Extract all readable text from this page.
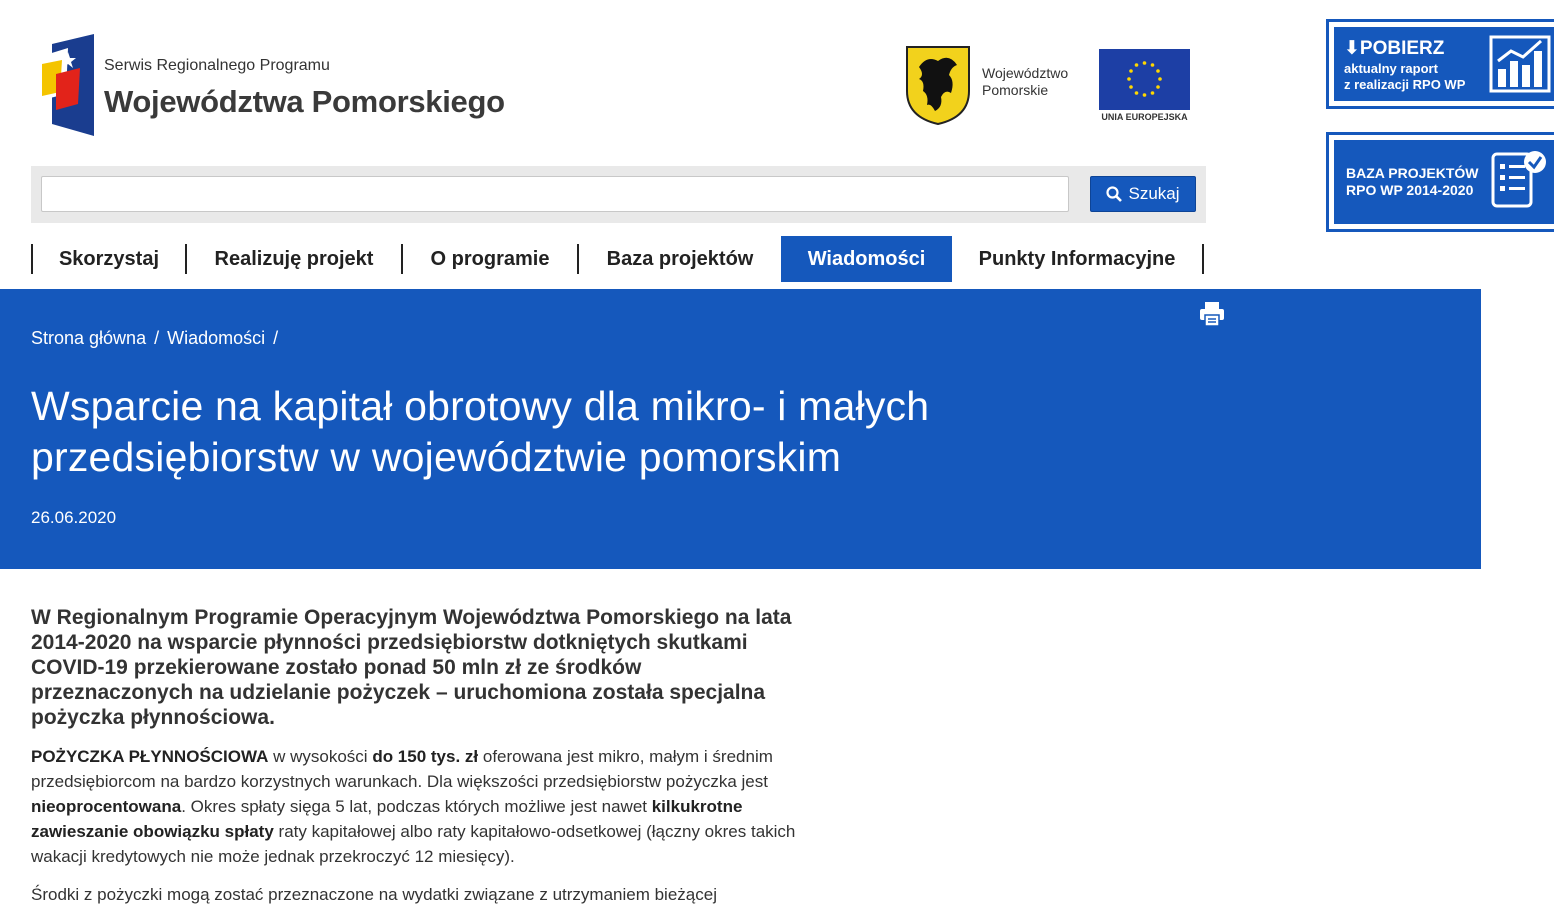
Serwis Regionalnego Programu
Województwa Pomorskiego
Województwo
Pomorskie
UNIA EUROPEJSKA
⬇POBIERZ
aktualny raport
z realizacji RPO WP
BAZA PROJEKTÓW
RPO WP 2014-2020
Szukaj
Skorzystaj	Realizuję projekt	O programie	Baza projektów	Wiadomości	Punkty Informacyjne
Strona główna / Wiadomości /
Wsparcie na kapitał obrotowy dla mikro- i małych przedsiębiorstw w województwie pomorskim
26.06.2020

W Regionalnym Programie Operacyjnym Województwa Pomorskiego na lata 2014-2020 na wsparcie płynności przedsiębiorstw dotkniętych skutkami COVID-19 przekierowane zostało ponad 50 mln zł ze środków przeznaczonych na udzielanie pożyczek – uruchomiona została specjalna pożyczka płynnościowa.

POŻYCZKA PŁYNNOŚCIOWA w wysokości do 150 tys. zł oferowana jest mikro, małym i średnim przedsiębiorcom na bardzo korzystnych warunkach. Dla większości przedsiębiorstw pożyczka jest nieoprocentowana. Okres spłaty sięga 5 lat, podczas których możliwe jest nawet kilkukrotne zawieszanie obowiązku spłaty raty kapitałowej albo raty kapitałowo-odsetkowej (łączny okres takich wakacji kredytowych nie może jednak przekroczyć 12 miesięcy).

Środki z pożyczki mogą zostać przeznaczone na wydatki związane z utrzymaniem bieżącej
